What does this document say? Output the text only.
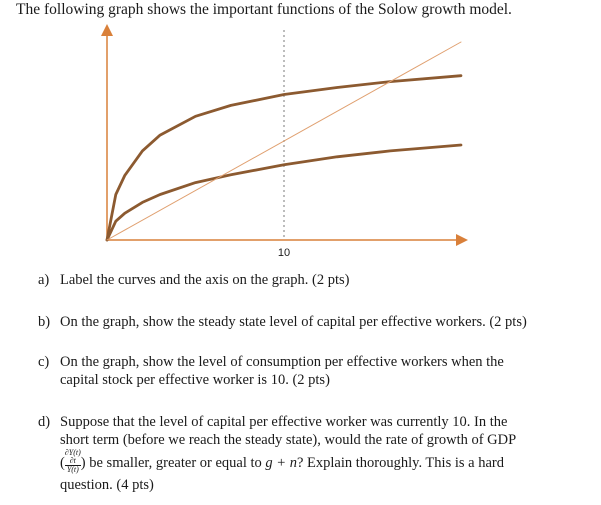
The following graph shows the important functions of the Solow growth model.
10
a) Label the curves and the axis on the graph. (2 pts)
b) On the graph, show the steady state level of capital per effective workers. (2 pts)
c) On the graph, show the level of consumption per effective workers when the
capital stock per effective worker is 10. (2 pts)
d) Suppose that the level of capital per effective worker was currently 10. In the
short term (before we reach the steady state), would the rate of growth of GDP
(
∂Y(t)
∂t
Y(t) ) be smaller, greater or equal to g + n? Explain thoroughly. This is a hard
question. (4 pts)
